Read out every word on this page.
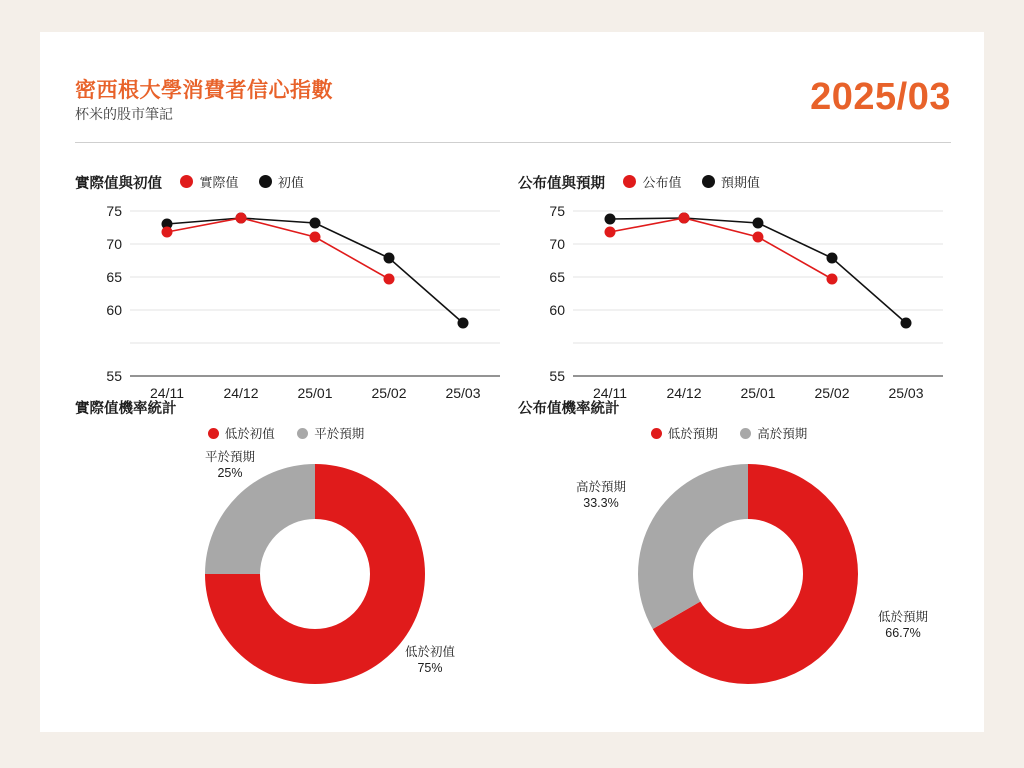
密西根大學消費者信心指數
杯米的股市筆記	2025/03
實際值與初值	實際值
	初值
75
70
65
60
55
24/11	24/12	25/01	25/02	25/03
公布值與預期	公布值
	預期值
75
70
65
60
55
24/11	24/12	25/01	25/02	25/03
實際值機率統計
低於初值
	平於預期
平於預期
25%
低於初值
75%
公布值機率統計
低於預期
	高於預期
高於預期
33.3%
低於預期
66.7%
